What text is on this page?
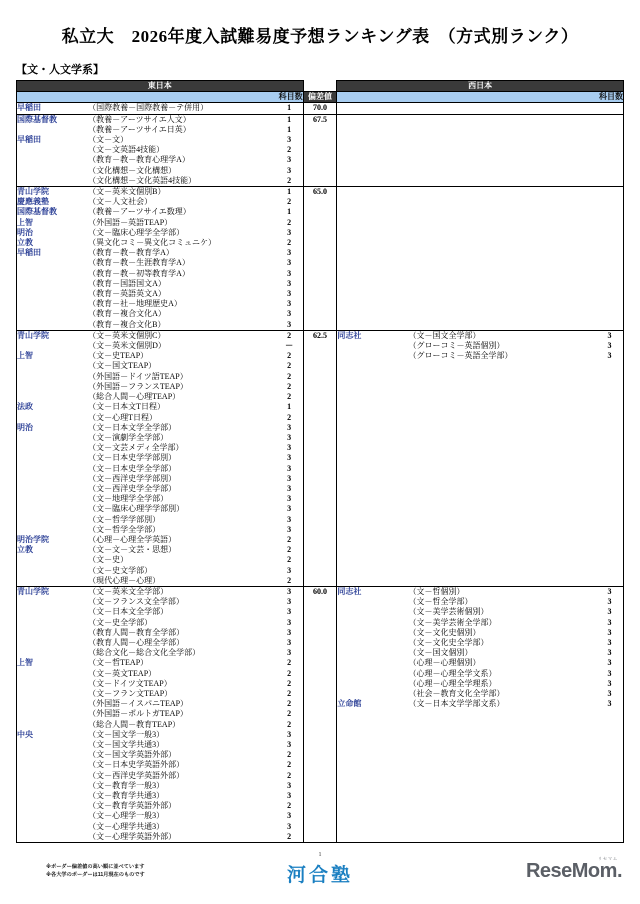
私立大　2026年度入試難易度予想ランキング表　（方式別ランク）
【文・人文学系】
東日本				西日本		
科目数			偏差値	科目数		
早稲田	（国際教養－国際教養－テ併用）	1	70.0			
国際基督教	（教養－アーツサイエ人文）	1	67.5			
	（教養－アーツサイエ日英）	1				
早稲田	（文－文）	3				
	（文－文英語4技能）	2				
	（教育－教－教育心理学A）	3				
	（文化構想－文化構想）	3				
	（文化構想－文化英語4技能）	2				
青山学院	（文－英米文個別B）	1	65.0			
慶應義塾	（文－人文社会）	2				
国際基督教	（教養－アーツサイエ数理）	1				
上智	（外国語－英語TEAP）	2				
明治	（文－臨床心理学全学部）	3				
立教	（異文化コミ－異文化コミュニケ）	2				
早稲田	（教育－教－教育学A）	3				
	（教育－教－生涯教育学A）	3				
	（教育－教－初等教育学A）	3				
	（教育－国語国文A）	3				
	（教育－英語英文A）	3				
	（教育－社－地理歴史A）	3				
	（教育－複合文化A）	3				
	（教育－複合文化B）	3				
青山学院	（文－英米文個別C）	2	62.5	同志社	（文－国文全学部）	3
	（文－英米文個別D）	－			（グローコミ－英語個別）	3
上智	（文－史TEAP）	2			（グローコミ－英語全学部）	3
	（文－国文TEAP）	2				
	（外国語－ドイツ語TEAP）	2				
	（外国語－フランスTEAP）	2				
	（総合人間－心理TEAP）	2				
法政	（文－日本文T日程）	1				
	（文－心理T日程）	2				
明治	（文－日本文学全学部）	3				
	（文－演劇学全学部）	3				
	（文－文芸メディ全学部）	3				
	（文－日本史学学部別）	3				
	（文－日本史学全学部）	3				
	（文－西洋史学学部別）	3				
	（文－西洋史学全学部）	3				
	（文－地理学全学部）	3				
	（文－臨床心理学学部別）	3				
	（文－哲学学部別）	3				
	（文－哲学全学部）	3				
明治学院	（心理－心理全学英語）	2				
立教	（文－文－文芸・思想）	2				
	（文－史）	2				
	（文－史文学部）	3				
	（現代心理－心理）	2				
青山学院	（文－英米文全学部）	3	60.0	同志社	（文－哲個別）	3
	（文－フランス文全学部）	3			（文－哲全学部）	3
	（文－日本文全学部）	3			（文－美学芸術個別）	3
	（文－史全学部）	3			（文－美学芸術全学部）	3
	（教育人間－教育全学部）	3			（文－文化史個別）	3
	（教育人間－心理全学部）	3			（文－文化史全学部）	3
	（総合文化－総合文化全学部）	3			（文－国文個別）	3
上智	（文－哲TEAP）	2			（心理－心理個別）	3
	（文－英文TEAP）	2			（心理－心理全学文系）	3
	（文－ドイツ文TEAP）	2			（心理－心理全学理系）	3
	（文－フラン文TEAP）	2			（社会－教育文化全学部）	3
	（外国語－イスパニTEAP）	2		立命館	（文－日本文学学部文系）	3
	（外国語－ポルトガTEAP）	2				
	（総合人間－教育TEAP）	2				
中央	（文－国文学一般3）	3				
	（文－国文学共通3）	3				
	（文－国文学英語外部）	2				
	（文－日本史学英語外部）	2				
	（文－西洋史学英語外部）	2				
	（文－教育学一般3）	3				
	（文－教育学共通3）	3				
	（文－教育学英語外部）	2				
	（文－心理学一般3）	3				
	（文－心理学共通3）	3				
	（文－心理学英語外部）	2				
1
※ボーダー偏差値の高い順に並べています
※各大学のボーダーは11月現在のものです	河合塾
リセマム
ReseMom.
